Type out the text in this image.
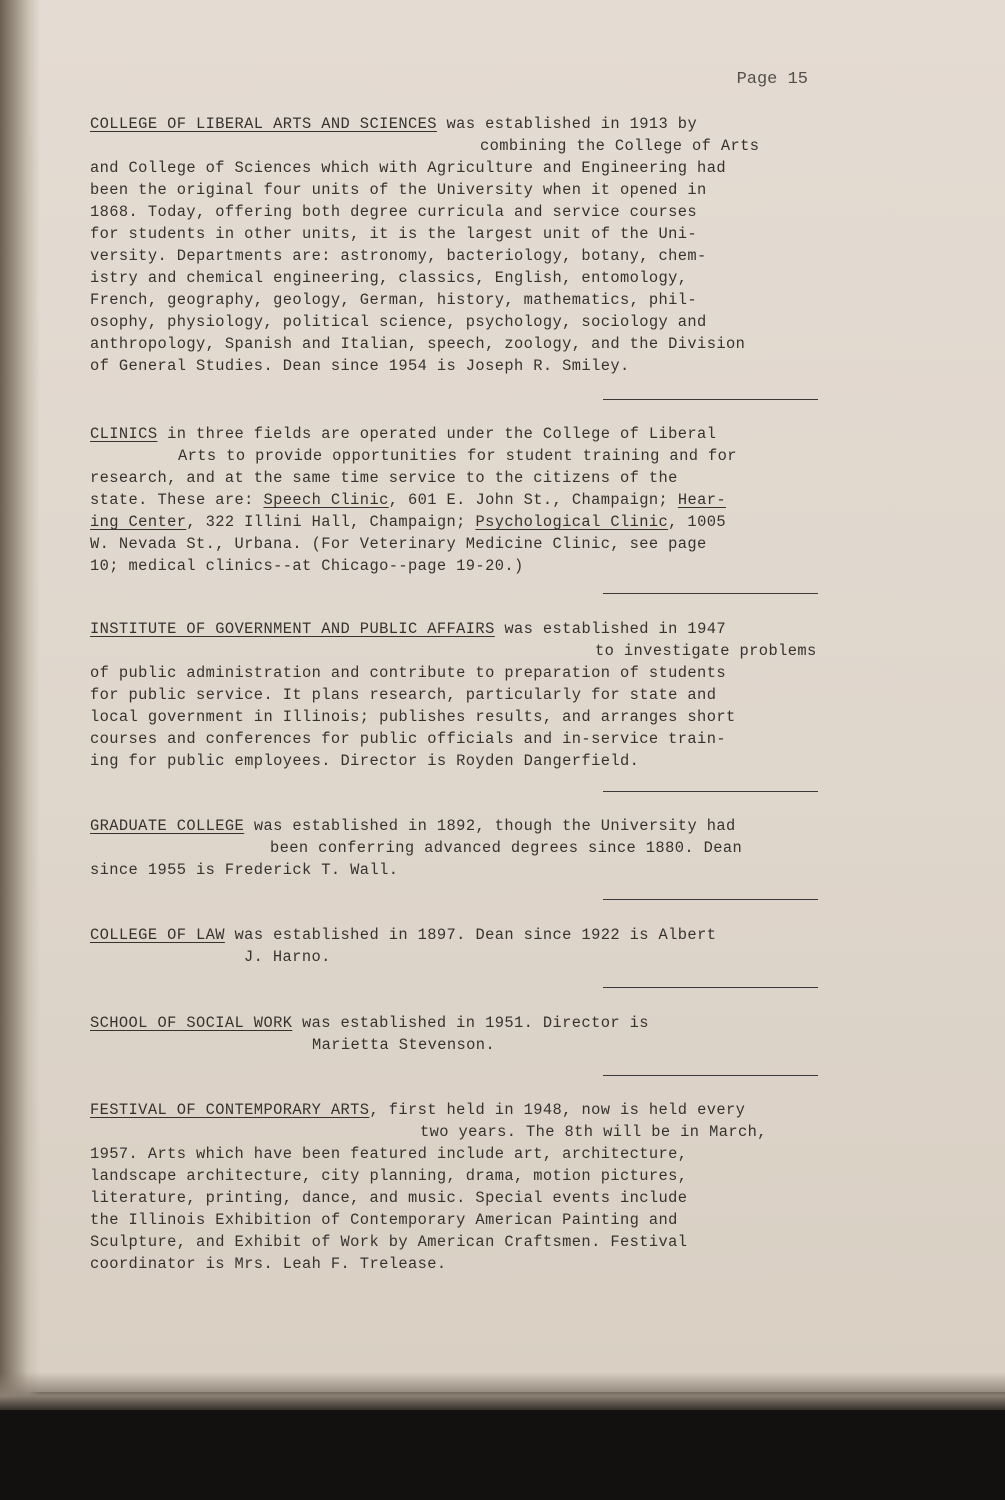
Page 15
COLLEGE OF LIBERAL ARTS AND SCIENCES was established in 1913 by
combining the College of Arts
and College of Sciences which with Agriculture and Engineering had
been the original four units of the University when it opened in
1868. Today, offering both degree curricula and service courses
for students in other units, it is the largest unit of the Uni-
versity. Departments are: astronomy, bacteriology, botany, chem-
istry and chemical engineering, classics, English, entomology,
French, geography, geology, German, history, mathematics, phil-
osophy, physiology, political science, psychology, sociology and
anthropology, Spanish and Italian, speech, zoology, and the Division
of General Studies. Dean since 1954 is Joseph R. Smiley.
CLINICS in three fields are operated under the College of Liberal
Arts to provide opportunities for student training and for
research, and at the same time service to the citizens of the
state. These are: Speech Clinic, 601 E. John St., Champaign; Hear-
ing Center, 322 Illini Hall, Champaign; Psychological Clinic, 1005
W. Nevada St., Urbana. (For Veterinary Medicine Clinic, see page
10; medical clinics--at Chicago--page 19-20.)
INSTITUTE OF GOVERNMENT AND PUBLIC AFFAIRS was established in 1947
to investigate problems
of public administration and contribute to preparation of students
for public service. It plans research, particularly for state and
local government in Illinois; publishes results, and arranges short
courses and conferences for public officials and in-service train-
ing for public employees. Director is Royden Dangerfield.
GRADUATE COLLEGE was established in 1892, though the University had
been conferring advanced degrees since 1880. Dean
since 1955 is Frederick T. Wall.
COLLEGE OF LAW was established in 1897. Dean since 1922 is Albert
J. Harno.
SCHOOL OF SOCIAL WORK was established in 1951. Director is
Marietta Stevenson.
FESTIVAL OF CONTEMPORARY ARTS, first held in 1948, now is held every
two years. The 8th will be in March,
1957. Arts which have been featured include art, architecture,
landscape architecture, city planning, drama, motion pictures,
literature, printing, dance, and music. Special events include
the Illinois Exhibition of Contemporary American Painting and
Sculpture, and Exhibit of Work by American Craftsmen. Festival
coordinator is Mrs. Leah F. Trelease.
